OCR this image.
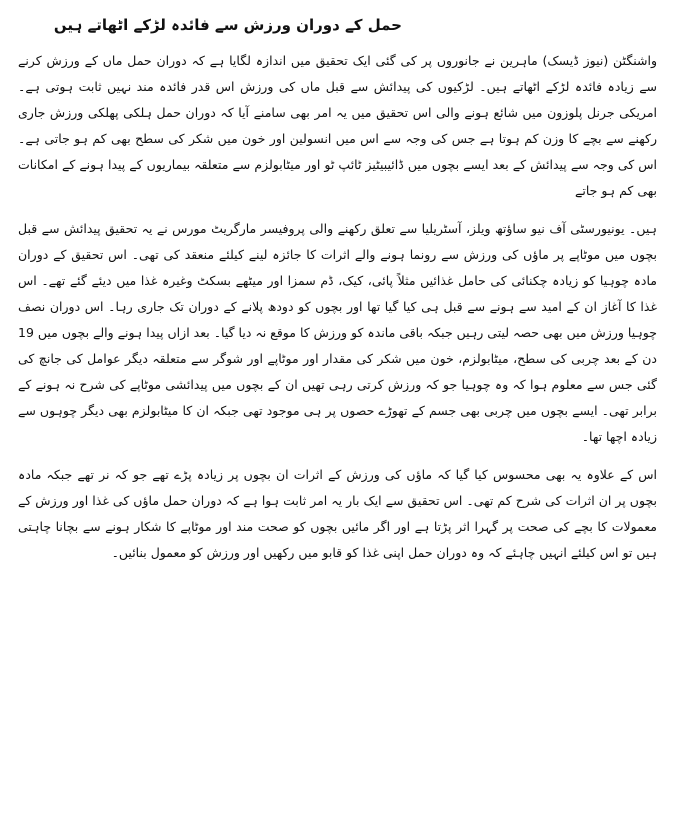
حمل کے دوران ورزش سے فائدہ لڑکے اٹھاتے ہیں

واشنگٹن (نیوز ڈیسک) ماہرین نے جانوروں پر کی گئی ایک تحقیق میں اندازہ لگایا ہے کہ دوران حمل ماں کے ورزش کرنے سے زیادہ فائدہ لڑکے اٹھاتے ہیں۔ لڑکیوں کی پیدائش سے قبل ماں کی ورزش اس قدر فائدہ مند نہیں ثابت ہوتی ہے۔ امریکی جرنل پلوزون میں شائع ہونے والی اس تحقیق میں یہ امر بھی سامنے آیا کہ دوران حمل ہلکی پھلکی ورزش جاری رکھنے سے بچے کا وزن کم ہوتا ہے جس کی وجہ سے اس میں انسولین اور خون میں شکر کی سطح بھی کم ہو جاتی ہے۔ اس کی وجہ سے پیدائش کے بعد ایسے بچوں میں ڈائیبیٹیز ٹائپ ٹو اور میٹابولزم سے متعلقہ بیماریوں کے پیدا ہونے کے امکانات بھی کم ہو جاتے

ہیں۔ یونیورسٹی آف نیو ساؤتھ ویلز، آسٹریلیا سے تعلق رکھنے والی پروفیسر مارگریٹ مورس نے یہ تحقیق پیدائش سے قبل بچوں میں موٹاپے پر ماؤں کی ورزش سے رونما ہونے والے اثرات کا جائزہ لینے کیلئے منعقد کی تھی۔ اس تحقیق کے دوران مادہ چوہیا کو زیادہ چکنائی کی حامل غذائیں مثلاً پائی، کیک، ڈم سمزا اور میٹھے بسکٹ وغیرہ غذا میں دیئے گئے تھے۔ اس غذا کا آغاز ان کے امید سے ہونے سے قبل ہی کیا گیا تھا اور بچوں کو دودھ پلانے کے دوران تک جاری رہا۔ اس دوران نصف چوہیا ورزش میں بھی حصہ لیتی رہیں جبکہ باقی ماندہ کو ورزش کا موقع نہ دیا گیا۔ بعد ازاں پیدا ہونے والے بچوں میں 19 دن کے بعد چربی کی سطح، میٹابولزم، خون میں شکر کی مقدار اور موٹاپے اور شوگر سے متعلقہ دیگر عوامل کی جانچ کی گئی جس سے معلوم ہوا کہ وہ چوہیا جو کہ ورزش کرتی رہی تھیں ان کے بچوں میں پیدائشی موٹاپے کی شرح نہ ہونے کے برابر تھی۔ ایسے بچوں میں چربی بھی جسم کے تھوڑے حصوں پر ہی موجود تھی جبکہ ان کا میٹابولزم بھی دیگر چوہوں سے زیادہ اچھا تھا۔

اس کے علاوہ یہ بھی محسوس کیا گیا کہ ماؤں کی ورزش کے اثرات ان بچوں پر زیادہ پڑے تھے جو کہ نر تھے جبکہ مادہ بچوں پر ان اثرات کی شرح کم تھی۔ اس تحقیق سے ایک بار یہ امر ثابت ہوا ہے کہ دوران حمل ماؤں کی غذا اور ورزش کے معمولات کا بچے کی صحت پر گہرا اثر پڑتا ہے اور اگر مائیں بچوں کو صحت مند اور موٹاپے کا شکار ہونے سے بچانا چاہتی ہیں تو اس کیلئے انہیں چاہئے کہ وہ دوران حمل اپنی غذا کو قابو میں رکھیں اور ورزش کو معمول بنائیں۔
